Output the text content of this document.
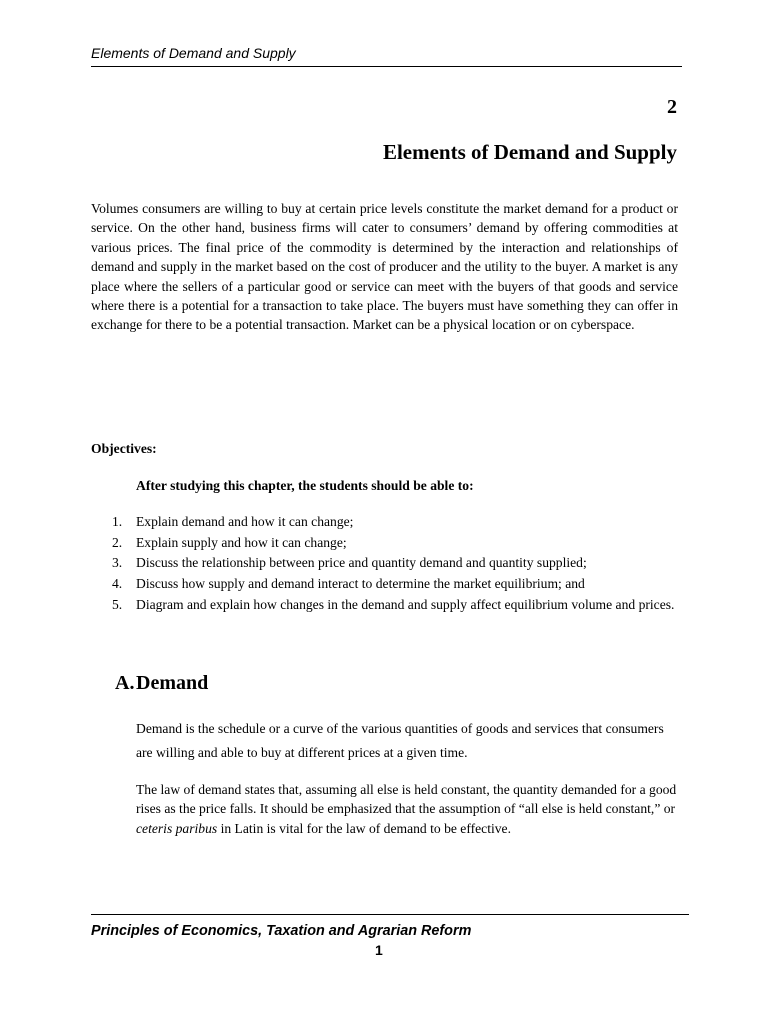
Elements of Demand and Supply
2
Elements of Demand and Supply

Volumes consumers are willing to buy at certain price levels constitute the market demand for a product or service. On the other hand, business firms will cater to consumers’ demand by offering commodities at various prices. The final price of the commodity is determined by the interaction and relationships of demand and supply in the market based on the cost of producer and the utility to the buyer. A market is any place where the sellers of a particular good or service can meet with the buyers of that goods and service where there is a potential for a transaction to take place. The buyers must have something they can offer in exchange for there to be a potential transaction. Market can be a physical location or on cyberspace.

Objectives:
After studying this chapter, the students should be able to:
1.	Explain demand and how it can change;
2.	Explain supply and how it can change;
3.	Discuss the relationship between price and quantity demand and quantity supplied;
4.	Discuss how supply and demand interact to determine the market equilibrium; and
5.	Diagram and explain how changes in the demand and supply affect equilibrium volume and prices.
A.Demand

Demand is the schedule or a curve of the various quantities of goods and services that consumers are willing and able to buy at different prices at a given time.

The law of demand states that, assuming all else is held constant, the quantity demanded for a good rises as the price falls. It should be emphasized that the assumption of “all else is held constant,” or ceteris paribus in Latin is vital for the law of demand to be effective.

Principles of Economics, Taxation and Agrarian Reform
1
